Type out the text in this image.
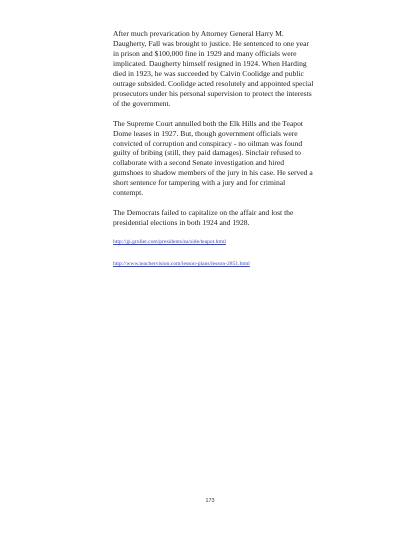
After much prevarication by Attorney General Harry M. Daugherty, Fall was brought to justice. He sentenced to one year in prison and $100,000 fine in 1929 and many officials were implicated. Daugherty himself resigned in 1924. When Harding died in 1923, he was succeeded by Calvin Coolidge and public outrage subsided. Coolidge acted resolutely and appointed special prosecutors under his personal supervision to protect the interests of the government.

The Supreme Court annulled both the Elk Hills and the Teapot Dome leases in 1927. But, though government officials were convicted of corruption and conspiracy - no oilman was found guilty of bribing (still, they paid damages). Sinclair refused to collaborate with a second Senate investigation and hired gumshoes to shadow members of the jury in his case. He served a short sentence for tampering with a jury and for criminal contempt.

The Democrats failed to capitalize on the affair and lost the presidential elections in both 1924 and 1928.

http://gi.grolier.com/presidents/ea/side/teapot.html
http://www.teachervision.com/lesson-plans/lesson-2851.html
173
